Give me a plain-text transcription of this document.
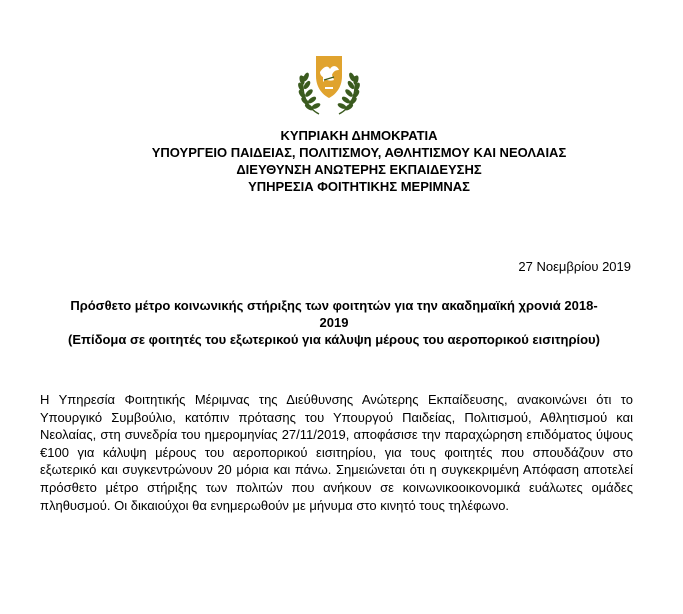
ΚΥΠΡΙΑΚΗ ΔΗΜΟΚΡΑΤΙΑ
ΥΠΟΥΡΓΕΙΟ ΠΑΙΔΕΙΑΣ, ΠΟΛΙΤΙΣΜΟΥ, ΑΘΛΗΤΙΣΜΟΥ ΚΑΙ ΝΕΟΛΑΙΑΣ
ΔΙΕΥΘΥΝΣΗ ΑΝΩΤΕΡΗΣ ΕΚΠΑΙΔΕΥΣΗΣ
ΥΠΗΡΕΣΙΑ ΦΟΙΤΗΤΙΚΗΣ ΜΕΡΙΜΝΑΣ
27 Νοεμβρίου 2019
Πρόσθετο μέτρο κοινωνικής στήριξης των φοιτητών για την ακαδημαϊκή χρονιά 2018-
2019
(Επίδομα σε φοιτητές του εξωτερικού για κάλυψη μέρους του αεροπορικού εισιτηρίου)
Η Υπηρεσία Φοιτητικής Μέριμνας της Διεύθυνσης Ανώτερης Εκπαίδευσης, ανακοινώνει ότι το Υπουργικό Συμβούλιο, κατόπιν πρότασης του Υπουργού Παιδείας, Πολιτισμού, Αθλητισμού και Νεολαίας, στη συνεδρία του ημερομηνίας 27/11/2019, αποφάσισε την παραχώρηση επιδόματος ύψους €100 για κάλυψη μέρους του αεροπορικού εισιτηρίου, για τους φοιτητές που σπουδάζουν στο εξωτερικό και συγκεντρώνουν 20 μόρια και πάνω. Σημειώνεται ότι η συγκεκριμένη Απόφαση αποτελεί πρόσθετο μέτρο στήριξης των πολιτών που ανήκουν σε κοινωνικοοικονομικά ευάλωτες ομάδες πληθυσμού. Οι δικαιούχοι θα ενημερωθούν με μήνυμα στο κινητό τους τηλέφωνο.
